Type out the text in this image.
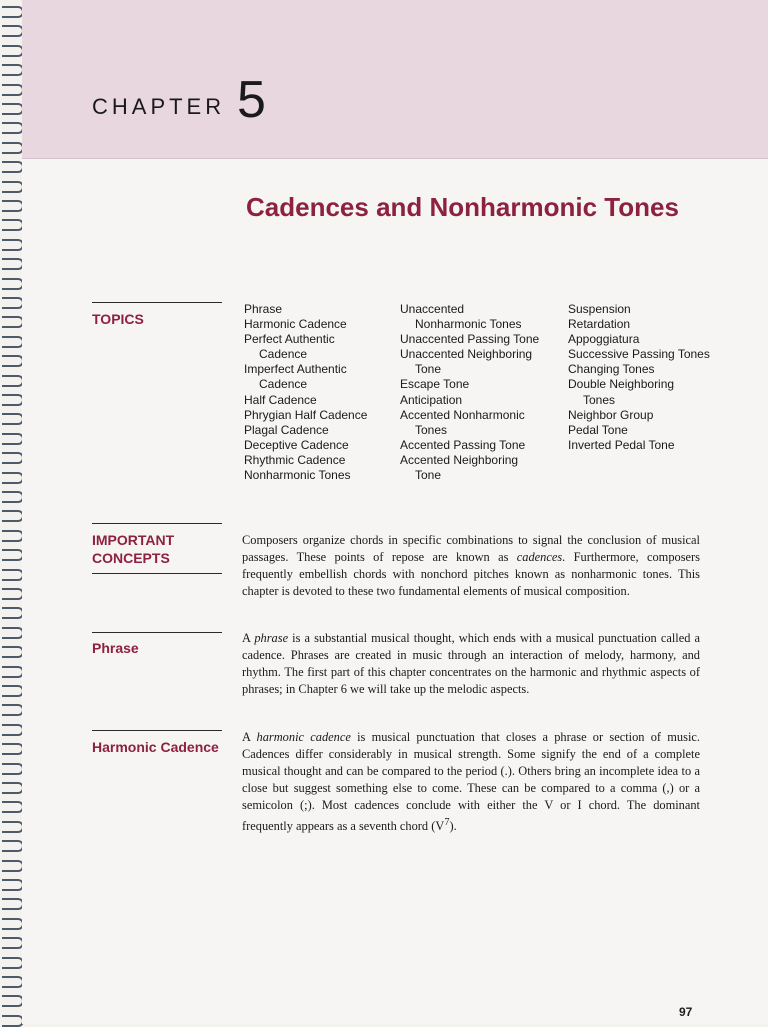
CHAPTER 5
Cadences and Nonharmonic Tones
TOPICS
Phrase
Harmonic Cadence
Perfect Authentic
Cadence
Imperfect Authentic
Cadence
Half Cadence
Phrygian Half Cadence
Plagal Cadence
Deceptive Cadence
Rhythmic Cadence
Nonharmonic Tones
Unaccented
Nonharmonic Tones
Unaccented Passing Tone
Unaccented Neighboring
Tone
Escape Tone
Anticipation
Accented Nonharmonic
Tones
Accented Passing Tone
Accented Neighboring
Tone
Suspension
Retardation
Appoggiatura
Successive Passing Tones
Changing Tones
Double Neighboring
Tones
Neighbor Group
Pedal Tone
Inverted Pedal Tone
IMPORTANT
CONCEPTS
Composers organize chords in specific combinations to signal the conclusion of musical passages. These points of repose are known as cadences. Furthermore, composers frequently embellish chords with nonchord pitches known as nonharmonic tones. This chapter is devoted to these two fundamental elements of musical composition.
Phrase
A phrase is a substantial musical thought, which ends with a musical punctuation called a cadence. Phrases are created in music through an interaction of melody, harmony, and rhythm. The first part of this chapter concentrates on the harmonic and rhythmic aspects of phrases; in Chapter 6 we will take up the melodic aspects.
Harmonic Cadence
A harmonic cadence is musical punctuation that closes a phrase or section of music. Cadences differ considerably in musical strength. Some signify the end of a complete musical thought and can be compared to the period (.). Others bring an incomplete idea to a close but suggest something else to come. These can be compared to a comma (,) or a semicolon (;). Most cadences conclude with either the V or I chord. The dominant frequently appears as a seventh chord $(V^7)$.
97
